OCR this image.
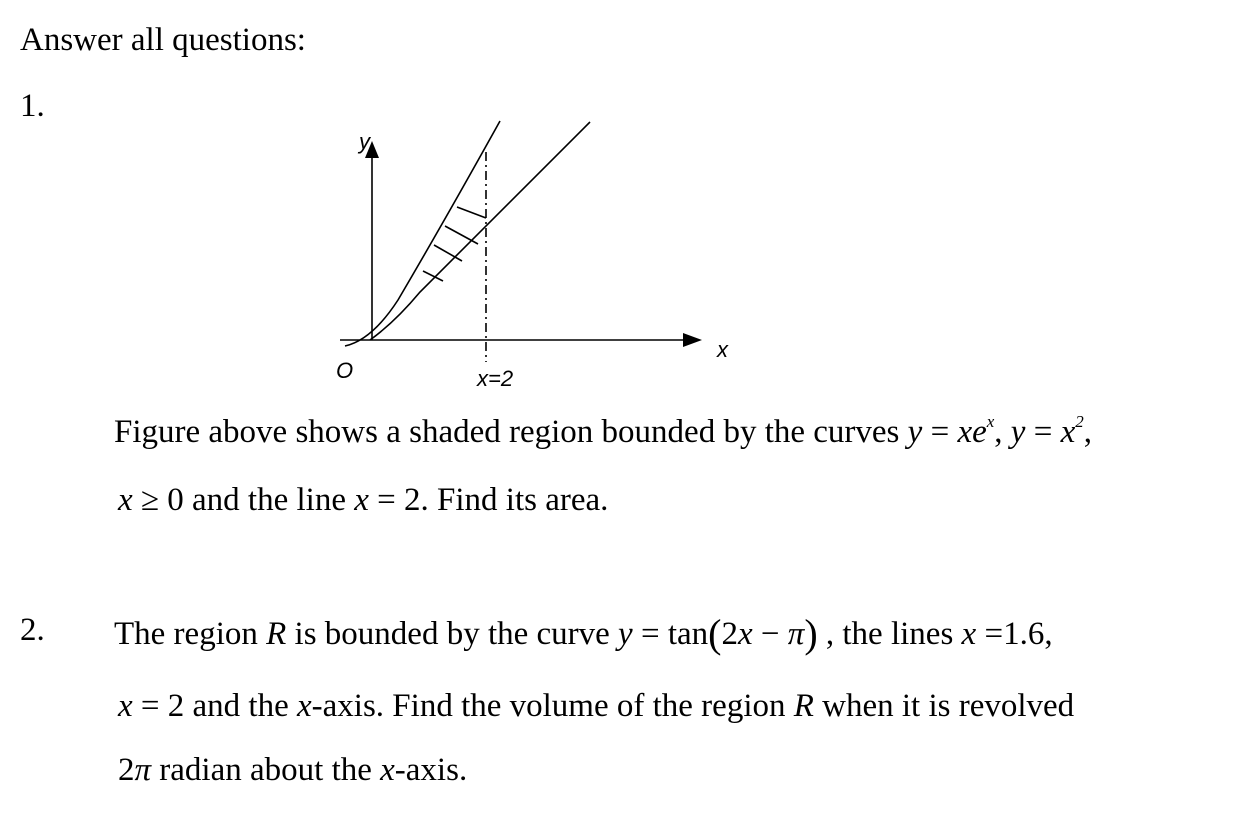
Answer all questions:
1.
y
x
O	x=2
Figure above shows a shaded region bounded by the curves $y = xe^x$, $y = x^2$,
x ≥ 0 and the line x = 2. Find its area.
2. The region R is bounded by the curve y = tan(2x − π) , the lines x =1.6,
x = 2 and the x-axis. Find the volume of the region R when it is revolved
2π radian about the x-axis.
